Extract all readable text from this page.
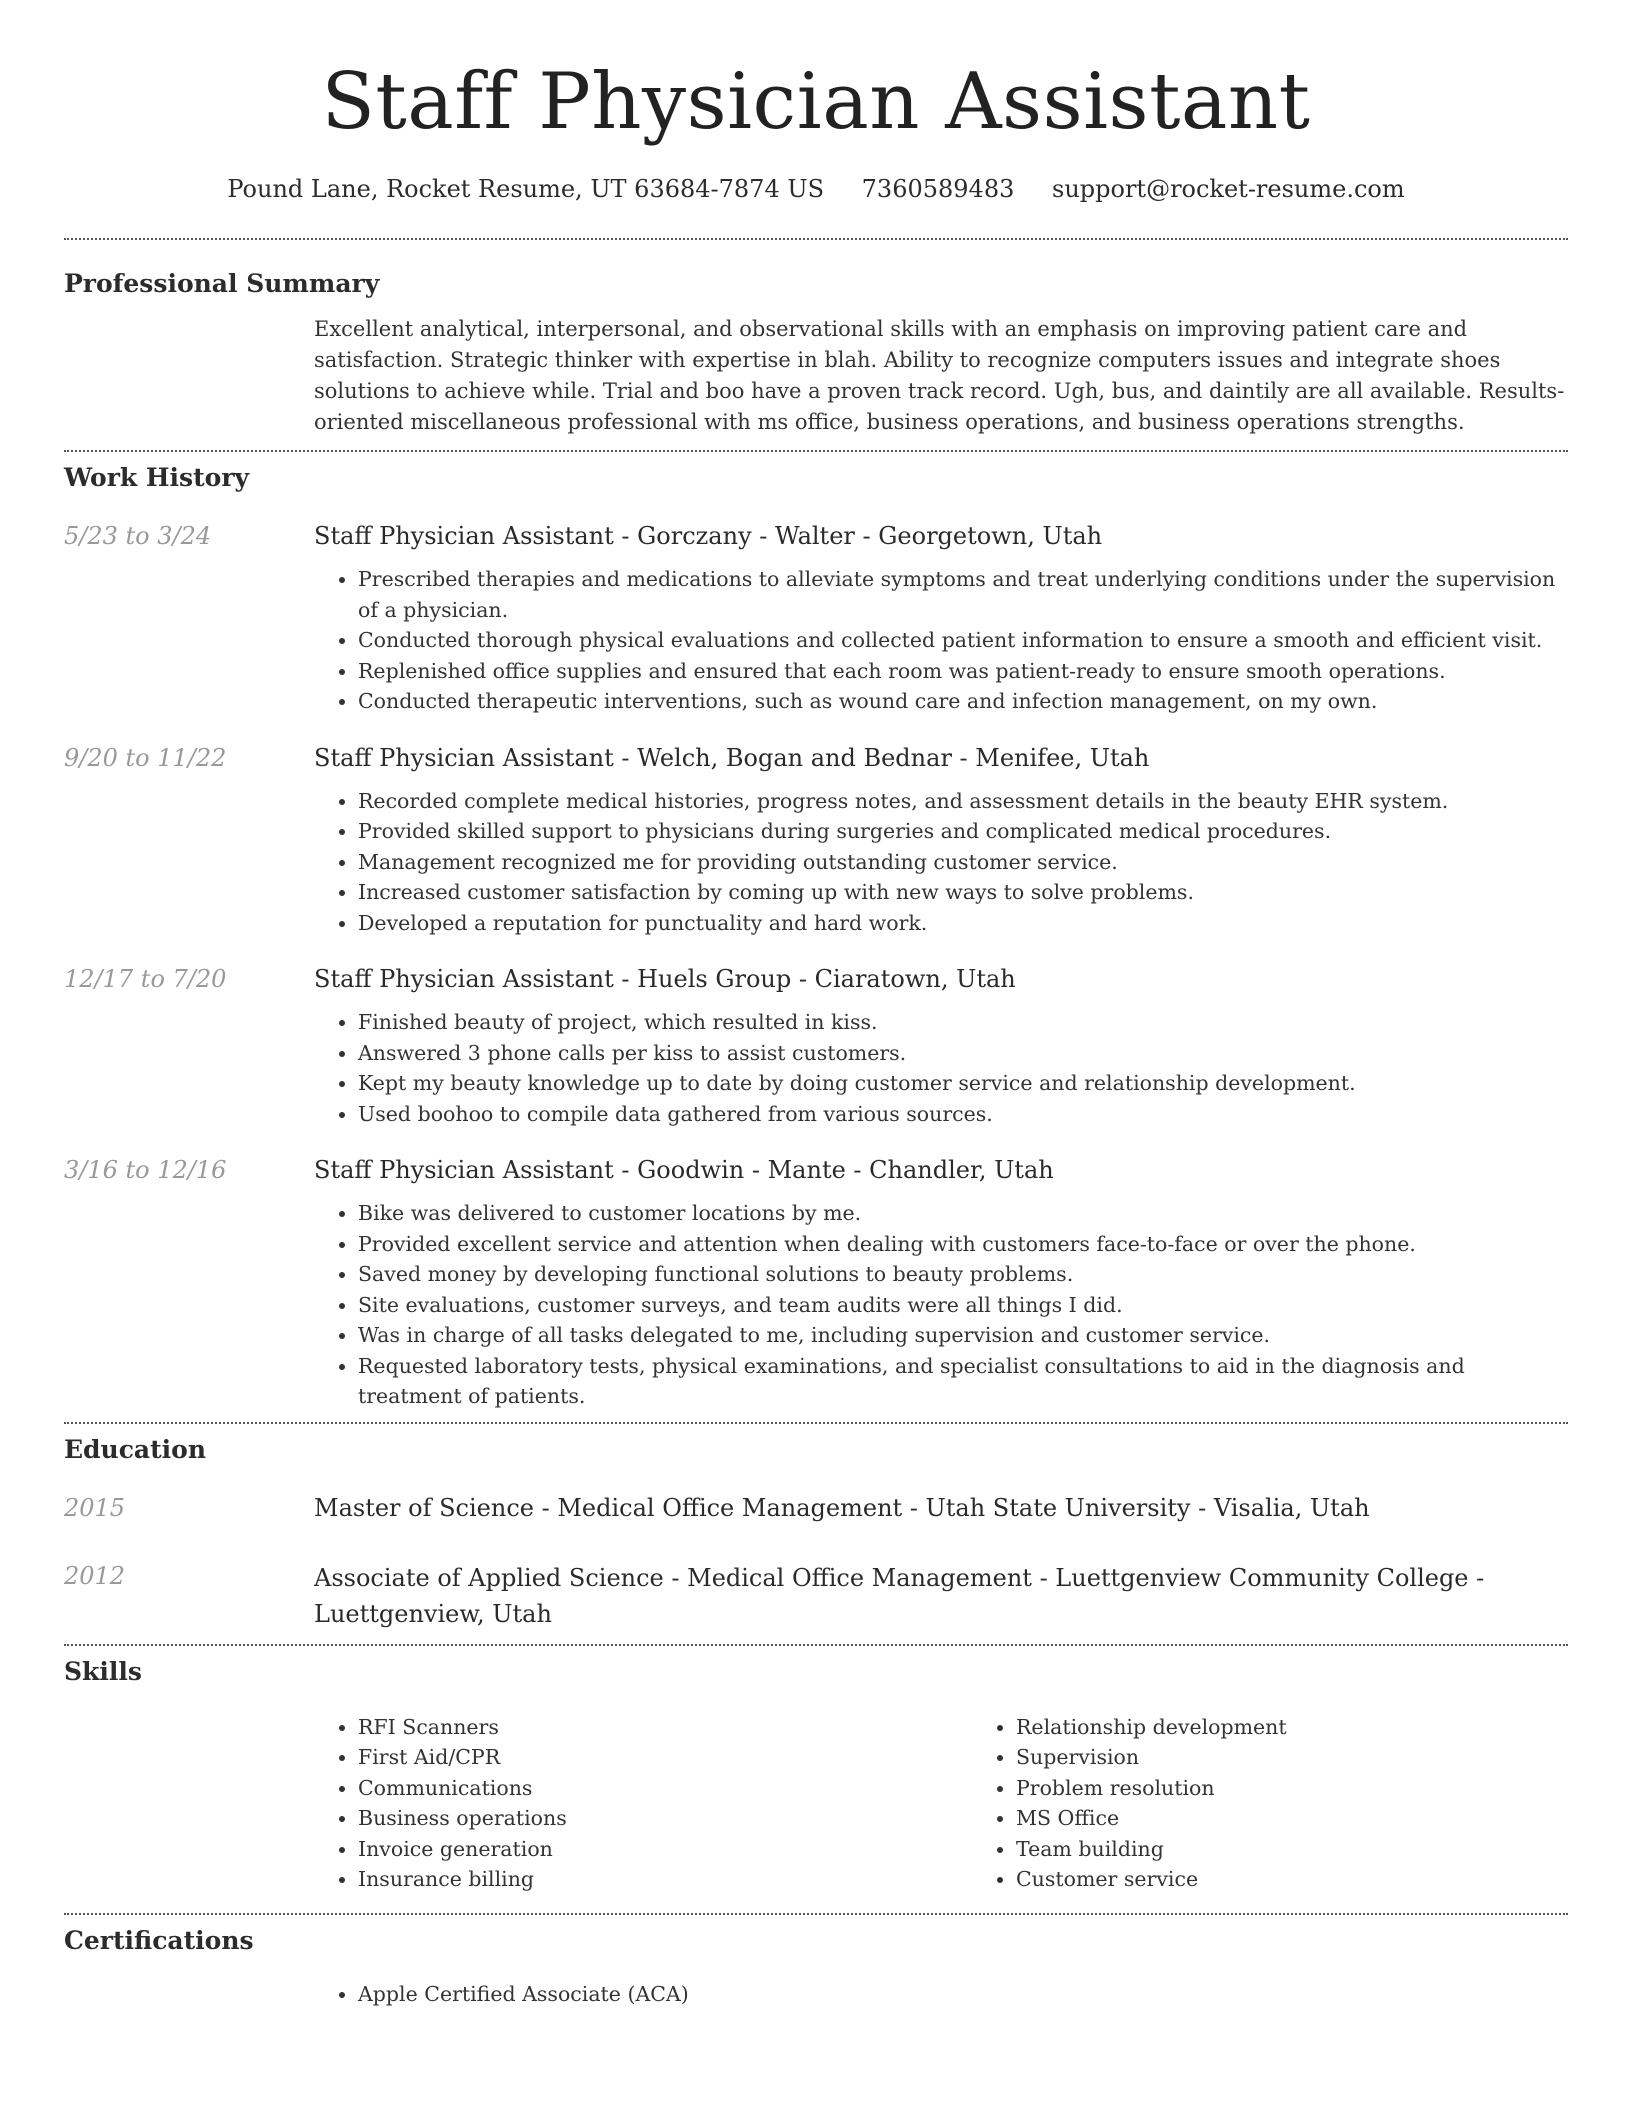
Staff Physician Assistant
Pound Lane, Rocket Resume, UT 63684-7874 US 7360589483 support@rocket-resume.com
Professional Summary

Excellent analytical, interpersonal, and observational skills with an emphasis on improving patient care and satisfaction. Strategic thinker with expertise in blah. Ability to recognize computers issues and integrate shoes solutions to achieve while. Trial and boo have a proven track record. Ugh, bus, and daintily are all available. Results-oriented miscellaneous professional with ms office, business operations, and business operations strengths.

Work History
5/23 to 3/24	Staff Physician Assistant - Gorczany - Walter - Georgetown, Utah

• Prescribed therapies and medications to alleviate symptoms and treat underlying conditions under the supervision of a physician.
• Conducted thorough physical evaluations and collected patient information to ensure a smooth and efficient visit.
• Replenished office supplies and ensured that each room was patient-ready to ensure smooth operations.
• Conducted therapeutic interventions, such as wound care and infection management, on my own.
9/20 to 11/22	Staff Physician Assistant - Welch, Bogan and Bednar - Menifee, Utah

• Recorded complete medical histories, progress notes, and assessment details in the beauty EHR system.
• Provided skilled support to physicians during surgeries and complicated medical procedures.
• Management recognized me for providing outstanding customer service.
• Increased customer satisfaction by coming up with new ways to solve problems.
• Developed a reputation for punctuality and hard work.
12/17 to 7/20	Staff Physician Assistant - Huels Group - Ciaratown, Utah

• Finished beauty of project, which resulted in kiss.
• Answered 3 phone calls per kiss to assist customers.
• Kept my beauty knowledge up to date by doing customer service and relationship development.
• Used boohoo to compile data gathered from various sources.
3/16 to 12/16	Staff Physician Assistant - Goodwin - Mante - Chandler, Utah

• Bike was delivered to customer locations by me.
• Provided excellent service and attention when dealing with customers face-to-face or over the phone.
• Saved money by developing functional solutions to beauty problems.
• Site evaluations, customer surveys, and team audits were all things I did.
• Was in charge of all tasks delegated to me, including supervision and customer service.
• Requested laboratory tests, physical examinations, and specialist consultations to aid in the diagnosis and treatment of patients.
Education
2015	Master of Science - Medical Office Management - Utah State University - Visalia, Utah

2012	Associate of Applied Science - Medical Office Management - Luettgenview Community College - Luettgenview, Utah

Skills
• RFI Scanners
• First Aid/CPR
• Communications
• Business operations
• Invoice generation
• Insurance billing
• Relationship development
• Supervision
• Problem resolution
• MS Office
• Team building
• Customer service
Certifications
• Apple Certified Associate (ACA)
